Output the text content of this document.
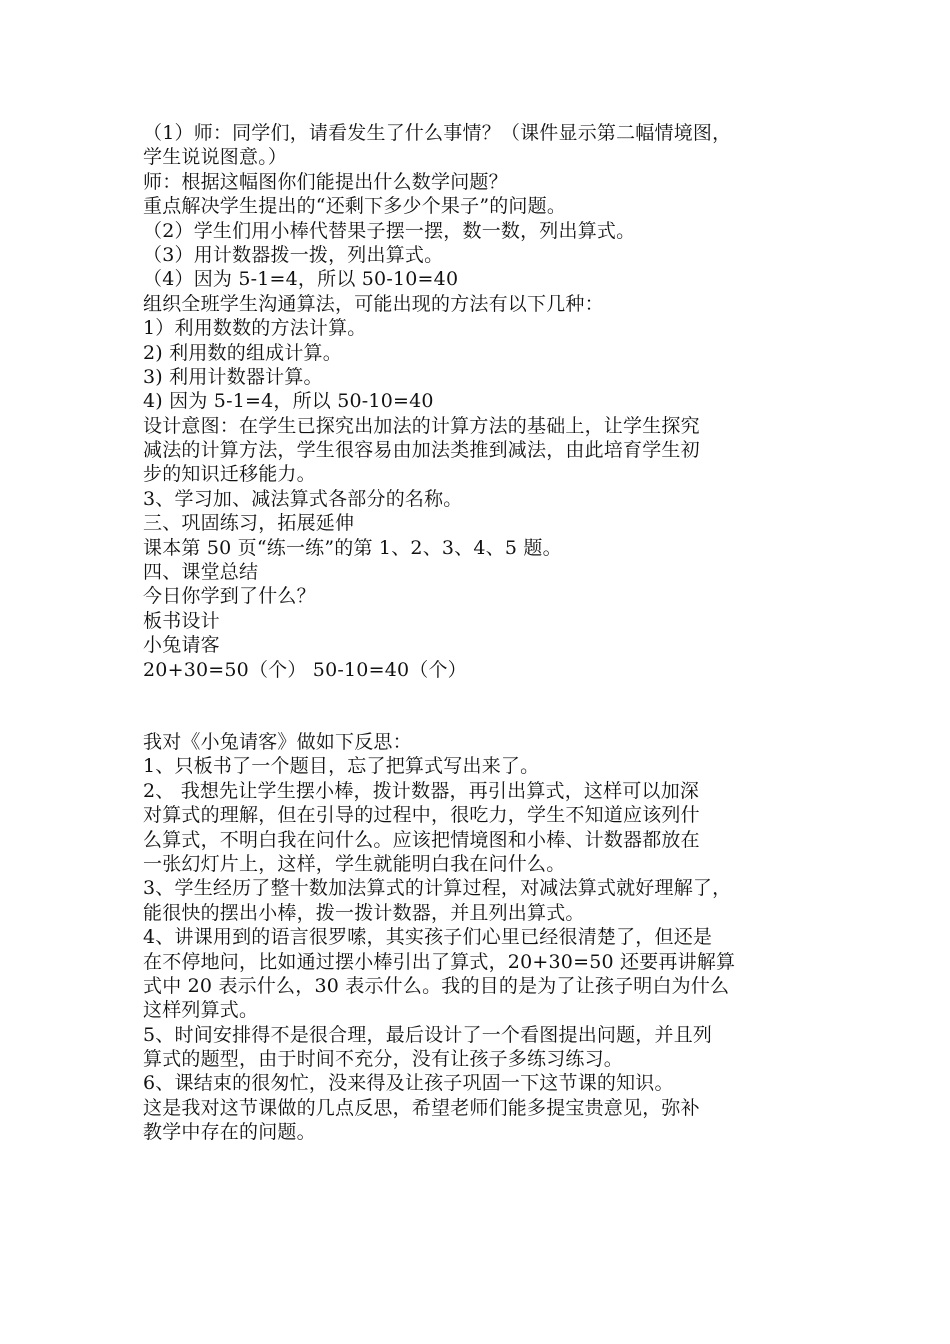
（1）师：同学们，请看发生了什么事情？（课件显示第二幅情境图，
学生说说图意。）
师：根据这幅图你们能提出什么数学问题？
重点解决学生提出的“还剩下多少个果子”的问题。
（2）学生们用小棒代替果子摆一摆，数一数，列出算式。
（3）用计数器拨一拨，列出算式。
（4）因为 5-1=4，所以 50-10=40
组织全班学生沟通算法，可能出现的方法有以下几种：
1）利用数数的方法计算。
2) 利用数的组成计算。
3) 利用计数器计算。
4) 因为 5-1=4，所以 50-10=40
设计意图：在学生已探究出加法的计算方法的基础上，让学生探究
减法的计算方法，学生很容易由加法类推到减法，由此培育学生初
步的知识迁移能力。
3、学习加、减法算式各部分的名称。
三、巩固练习，拓展延伸
课本第 50 页“练一练”的第 1、2、3、4、5 题。
四、课堂总结
今日你学到了什么？
板书设计
小兔请客
20+30=50（个） 50-10=40（个）
我对《小兔请客》做如下反思：
1、只板书了一个题目，忘了把算式写出来了。
2、 我想先让学生摆小棒，拨计数器，再引出算式，这样可以加深
对算式的理解，但在引导的过程中，很吃力，学生不知道应该列什
么算式，不明白我在问什么。应该把情境图和小棒、计数器都放在
一张幻灯片上，这样，学生就能明白我在问什么。
3、学生经历了整十数加法算式的计算过程，对减法算式就好理解了，
能很快的摆出小棒，拨一拨计数器，并且列出算式。
4、讲课用到的语言很罗嗦，其实孩子们心里已经很清楚了，但还是
在不停地问，比如通过摆小棒引出了算式，20+30=50 还要再讲解算
式中 20 表示什么，30 表示什么。我的目的是为了让孩子明白为什么
这样列算式。
5、时间安排得不是很合理，最后设计了一个看图提出问题，并且列
算式的题型，由于时间不充分，没有让孩子多练习练习。
6、课结束的很匆忙，没来得及让孩子巩固一下这节课的知识。
这是我对这节课做的几点反思，希望老师们能多提宝贵意见，弥补
教学中存在的问题。
